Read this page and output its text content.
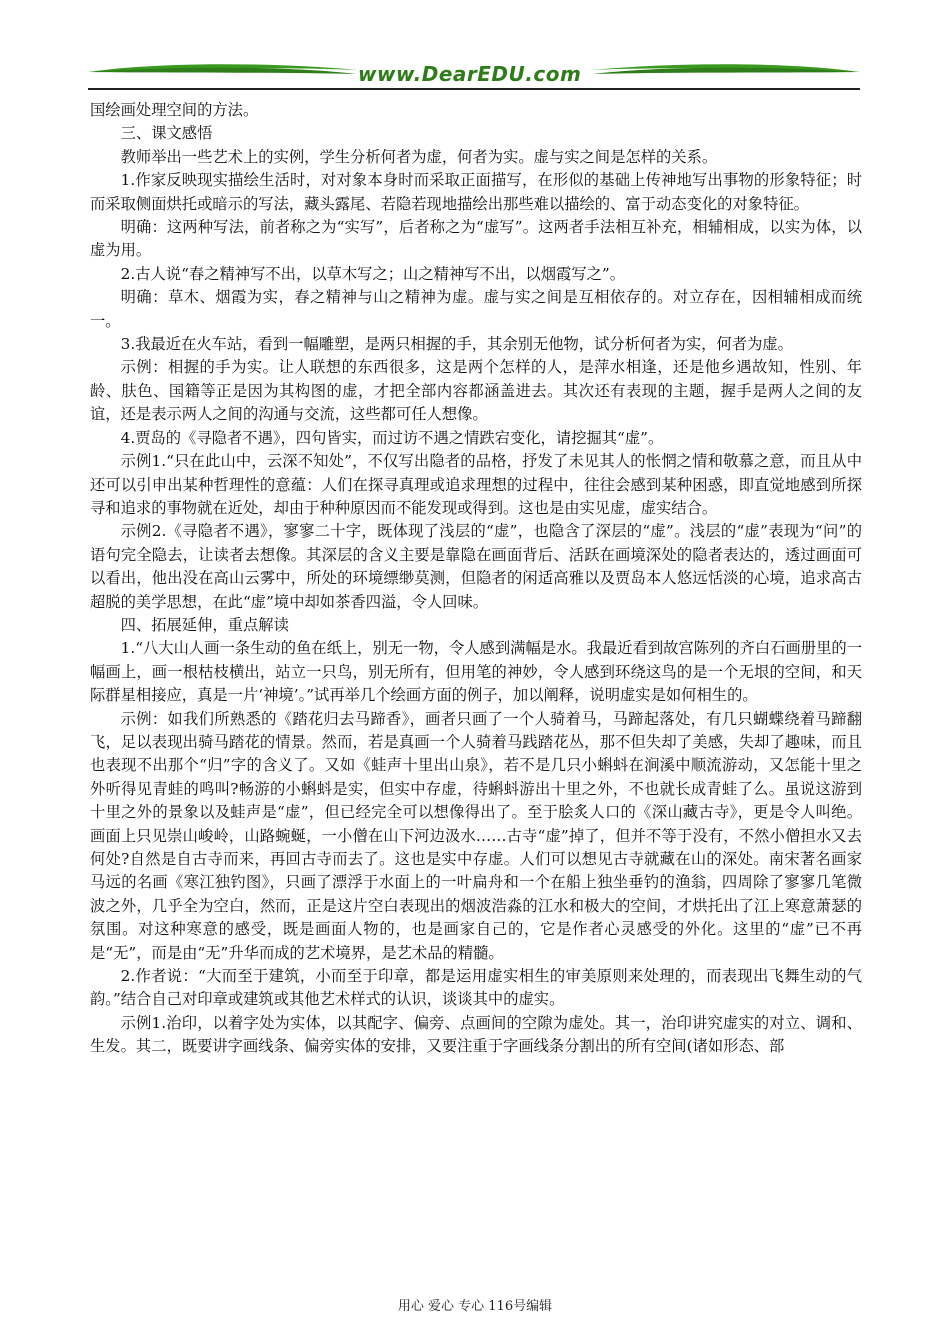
www.DearEDU.com

国绘画处理空间的方法。

三、课文感悟

教师举出一些艺术上的实例，学生分析何者为虚，何者为实。虚与实之间是怎样的关系。

1.作家反映现实描绘生活时，对对象本身时而采取正面描写，在形似的基础上传神地写出事物的形象特征；时而采取侧面烘托或暗示的写法，藏头露尾、若隐若现地描绘出那些难以描绘的、富于动态变化的对象特征。

明确：这两种写法，前者称之为“实写”，后者称之为“虚写”。这两者手法相互补充，相辅相成，以实为体，以虚为用。

2.古人说“春之精神写不出，以草木写之；山之精神写不出，以烟霞写之”。

明确：草木、烟霞为实，春之精神与山之精神为虚。虚与实之间是互相依存的。对立存在，因相辅相成而统一。

3.我最近在火车站，看到一幅雕塑，是两只相握的手，其余别无他物，试分析何者为实，何者为虚。

示例：相握的手为实。让人联想的东西很多，这是两个怎样的人，是萍水相逢，还是他乡遇故知，性别、年龄、肤色、国籍等正是因为其构图的虚，才把全部内容都涵盖进去。其次还有表现的主题，握手是两人之间的友谊，还是表示两人之间的沟通与交流，这些都可任人想像。

4.贾岛的《寻隐者不遇》，四句皆实，而过访不遇之情跌宕变化，请挖掘其“虚”。

示例1.“只在此山中，云深不知处”，不仅写出隐者的品格，抒发了未见其人的怅惘之情和敬慕之意，而且从中还可以引申出某种哲理性的意蕴：人们在探寻真理或追求理想的过程中，往往会感到某种困惑，即直觉地感到所探寻和追求的事物就在近处，却由于种种原因而不能发现或得到。这也是由实见虚，虚实结合。

示例2.《寻隐者不遇》，寥寥二十字，既体现了浅层的“虚”，也隐含了深层的“虚”。浅层的“虚”表现为“问”的语句完全隐去，让读者去想像。其深层的含义主要是靠隐在画面背后、活跃在画境深处的隐者表达的，透过画面可以看出，他出没在高山云雾中，所处的环境缥缈莫测，但隐者的闲适高雅以及贾岛本人悠远恬淡的心境，追求高古超脱的美学思想，在此“虚”境中却如茶香四溢，令人回味。

四、拓展延伸，重点解读

1.“八大山人画一条生动的鱼在纸上，别无一物，令人感到满幅是水。我最近看到故宫陈列的齐白石画册里的一幅画上，画一根枯枝横出，站立一只鸟，别无所有，但用笔的神妙，令人感到环绕这鸟的是一个无垠的空间，和天际群星相接应，真是一片‘神境’。”试再举几个绘画方面的例子，加以阐释，说明虚实是如何相生的。

示例：如我们所熟悉的《踏花归去马蹄香》，画者只画了一个人骑着马，马蹄起落处，有几只蝴蝶绕着马蹄翻飞，足以表现出骑马踏花的情景。然而，若是真画一个人骑着马践踏花丛，那不但失却了美感，失却了趣味，而且也表现不出那个“归”字的含义了。又如《蛙声十里出山泉》，若不是几只小蝌蚪在涧溪中顺流游动，又怎能十里之外听得见青蛙的鸣叫?畅游的小蝌蚪是实，但实中存虚，待蝌蚪游出十里之外，不也就长成青蛙了么。虽说这游到十里之外的景象以及蛙声是“虚”，但已经完全可以想像得出了。至于脍炙人口的《深山藏古寺》，更是令人叫绝。画面上只见崇山峻岭，山路蜿蜒，一小僧在山下河边汲水……古寺“虚”掉了，但并不等于没有，不然小僧担水又去何处?自然是自古寺而来，再回古寺而去了。这也是实中存虚。人们可以想见古寺就藏在山的深处。南宋著名画家马远的名画《寒江独钓图》，只画了漂浮于水面上的一叶扁舟和一个在船上独坐垂钓的渔翁，四周除了寥寥几笔微波之外，几乎全为空白，然而，正是这片空白表现出的烟波浩淼的江水和极大的空间，才烘托出了江上寒意萧瑟的氛围。对这种寒意的感受，既是画面人物的，也是画家自己的，它是作者心灵感受的外化。这里的“虚”已不再是“无”，而是由“无”升华而成的艺术境界，是艺术品的精髓。

2.作者说：“大而至于建筑，小而至于印章，都是运用虚实相生的审美原则来处理的，而表现出飞舞生动的气韵。”结合自己对印章或建筑或其他艺术样式的认识，谈谈其中的虚实。

示例1.治印，以着字处为实体，以其配字、偏旁、点画间的空隙为虚处。其一，治印讲究虚实的对立、调和、生发。其二，既要讲字画线条、偏旁实体的安排，又要注重于字画线条分割出的所有空间(诸如形态、部

用心 爱心 专心 116号编辑
